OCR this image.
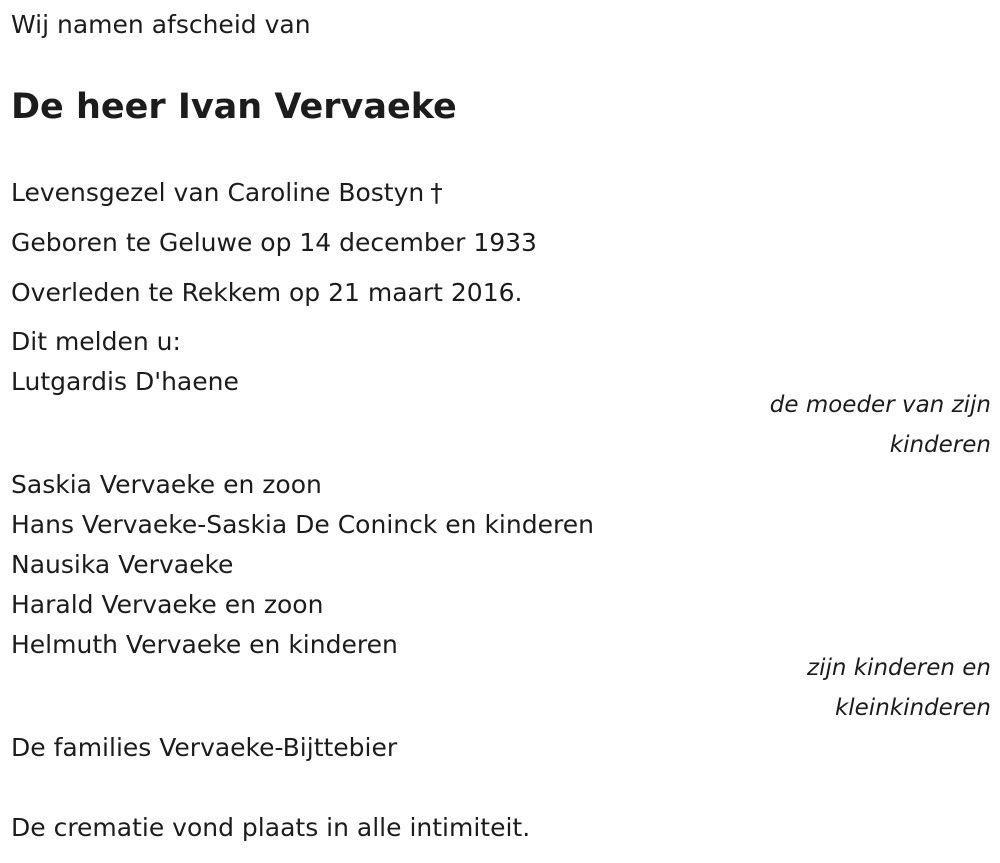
Wij namen afscheid van
De heer Ivan Vervaeke
Levensgezel van Caroline Bostyn †
Geboren te Geluwe op 14 december 1933
Overleden te Rekkem op 21 maart 2016.
Dit melden u:
Lutgardis D'haene
de moeder van zijn
kinderen
Saskia Vervaeke en zoon
Hans Vervaeke-Saskia De Coninck en kinderen
Nausika Vervaeke
Harald Vervaeke en zoon
Helmuth Vervaeke en kinderen
zijn kinderen en
kleinkinderen
De families Vervaeke-Bijttebier
De crematie vond plaats in alle intimiteit.
